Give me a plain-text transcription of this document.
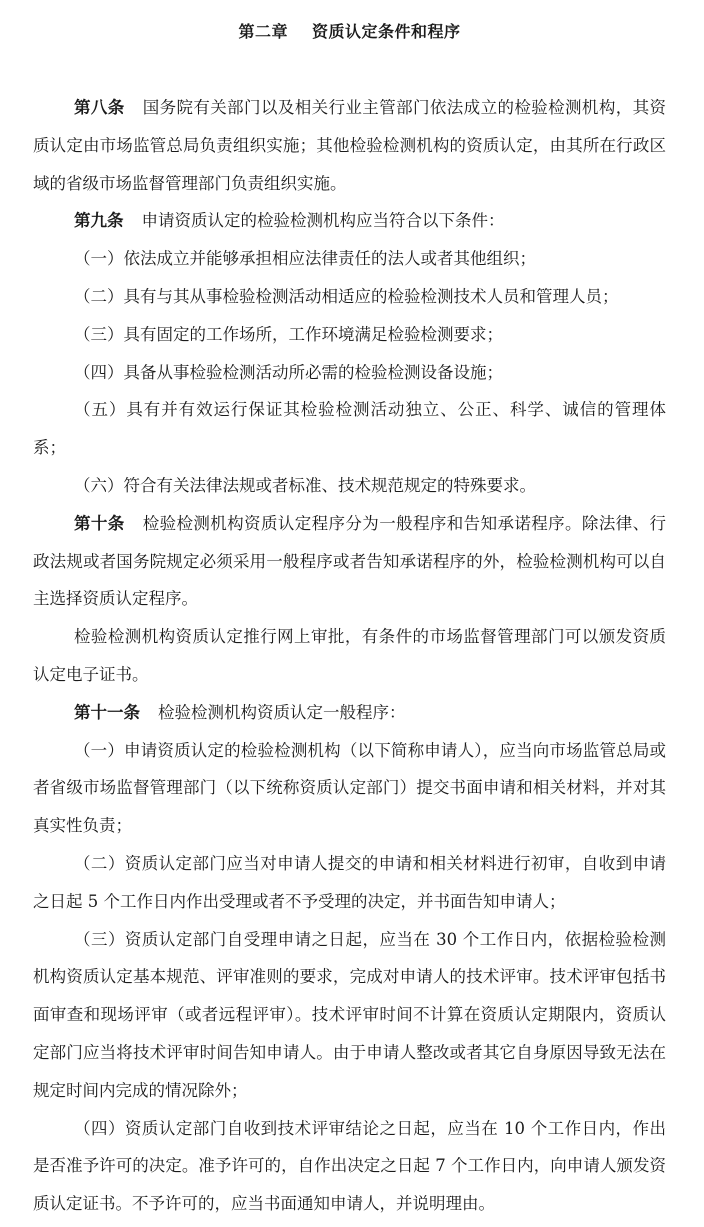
第二章 资质认定条件和程序

第八条 国务院有关部门以及相关行业主管部门依法成立的检验检测机构，其资质认定由市场监管总局负责组织实施；其他检验检测机构的资质认定，由其所在行政区域的省级市场监督管理部门负责组织实施。

第九条 申请资质认定的检验检测机构应当符合以下条件：

（一）依法成立并能够承担相应法律责任的法人或者其他组织；

（二）具有与其从事检验检测活动相适应的检验检测技术人员和管理人员；

（三）具有固定的工作场所，工作环境满足检验检测要求；

（四）具备从事检验检测活动所必需的检验检测设备设施；

（五）具有并有效运行保证其检验检测活动独立、公正、科学、诚信的管理体系；

（六）符合有关法律法规或者标准、技术规范规定的特殊要求。

第十条 检验检测机构资质认定程序分为一般程序和告知承诺程序。除法律、行政法规或者国务院规定必须采用一般程序或者告知承诺程序的外，检验检测机构可以自主选择资质认定程序。

检验检测机构资质认定推行网上审批，有条件的市场监督管理部门可以颁发资质认定电子证书。

第十一条 检验检测机构资质认定一般程序：

（一）申请资质认定的检验检测机构（以下简称申请人），应当向市场监管总局或者省级市场监督管理部门（以下统称资质认定部门）提交书面申请和相关材料，并对其真实性负责；

（二）资质认定部门应当对申请人提交的申请和相关材料进行初审，自收到申请之日起 5 个工作日内作出受理或者不予受理的决定，并书面告知申请人；

（三）资质认定部门自受理申请之日起，应当在 30 个工作日内，依据检验检测机构资质认定基本规范、评审准则的要求，完成对申请人的技术评审。技术评审包括书面审查和现场评审（或者远程评审）。技术评审时间不计算在资质认定期限内，资质认定部门应当将技术评审时间告知申请人。由于申请人整改或者其它自身原因导致无法在规定时间内完成的情况除外；

（四）资质认定部门自收到技术评审结论之日起，应当在 10 个工作日内，作出是否准予许可的决定。准予许可的，自作出决定之日起 7 个工作日内，向申请人颁发资质认定证书。不予许可的，应当书面通知申请人，并说明理由。
